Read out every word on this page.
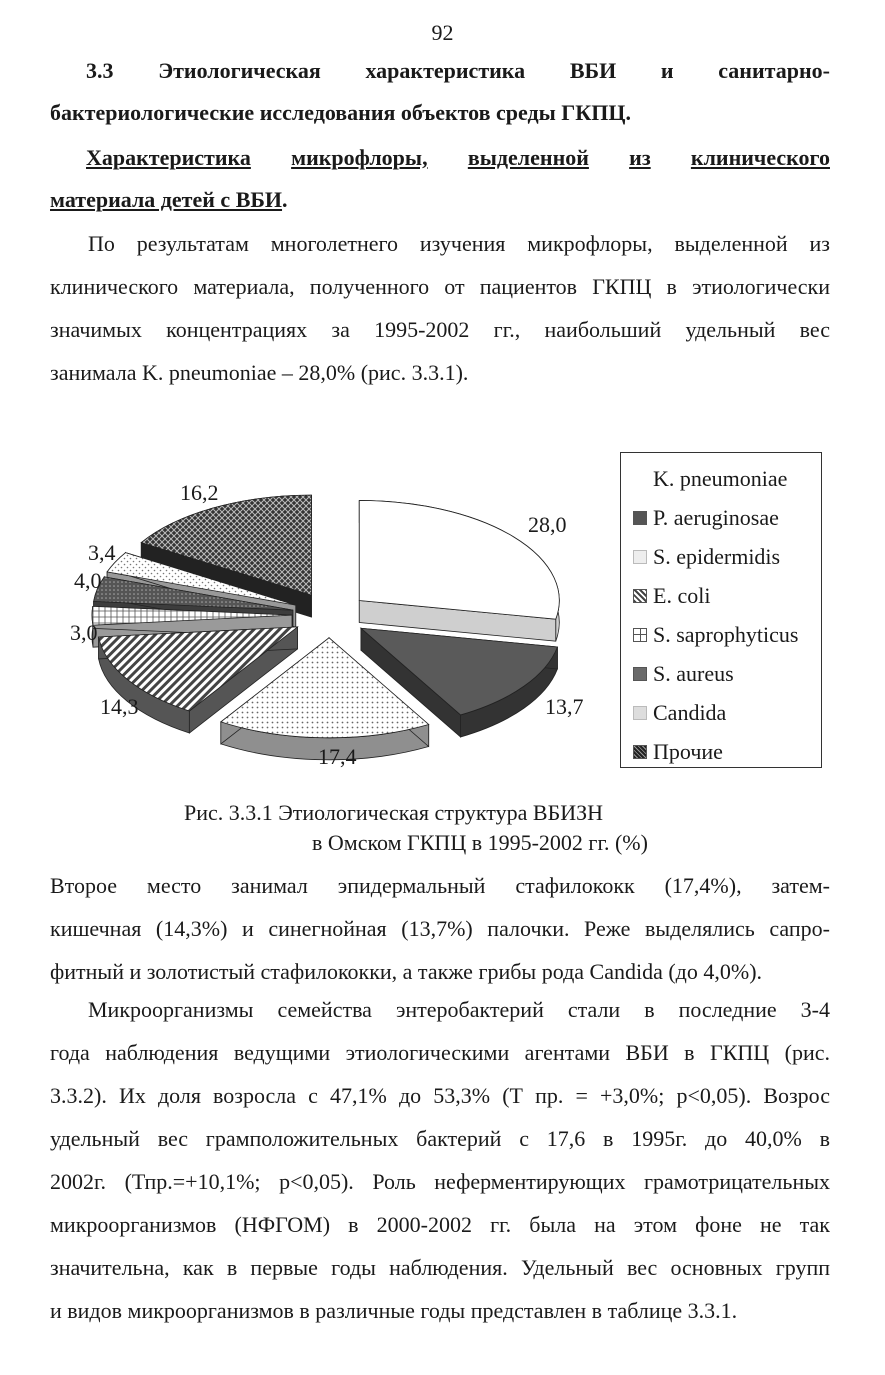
92
3.3 Этиологическая характеристика ВБИ и санитарно-
бактериологические исследования объектов среды ГКПЦ.
Характеристика микрофлоры, выделенной из клинического
материала детей с ВБИ .
По результатам многолетнего изучения микрофлоры, выделенной из
клинического материала, полученного от пациентов ГКПЦ в этиологически
значимых концентрациях за 1995-2002 гг., наибольший удельный вес
занимала K. pneumoniae – 28,0% (рис. 3.3.1).
28,0
13,7
17,4
14,3
3,0
4,0
3,4
16,2
K. pneumoniae
P. aeruginosae
S. epidermidis
E. coli
S. saprophyticus
S. aureus
Candida
Прочие
Рис. 3.3.1 Этиологическая структура ВБИЗН
в Омском ГКПЦ в 1995-2002 гг. (%)
Второе место занимал эпидермальный стафилококк (17,4%), затем-
кишечная (14,3%) и синегнойная (13,7%) палочки. Реже выделялись сапро-
фитный и золотистый стафилококки, а также грибы рода Candida (до 4,0%).
Микроорганизмы семейства энтеробактерий стали в последние 3-4
года наблюдения ведущими этиологическими агентами ВБИ в ГКПЦ (рис.
3.3.2). Их доля возросла с 47,1% до 53,3% (Т пр. = +3,0%; p<0,05). Возрос
удельный вес грамположительных бактерий с 17,6 в 1995г. до 40,0% в
2002г. (Тпр.=+10,1%; p<0,05). Роль неферментирующих грамотрицательных
микроорганизмов (НФГОМ) в 2000-2002 гг. была на этом фоне не так
значительна, как в первые годы наблюдения. Удельный вес основных групп
и видов микроорганизмов в различные годы представлен в таблице 3.3.1.
